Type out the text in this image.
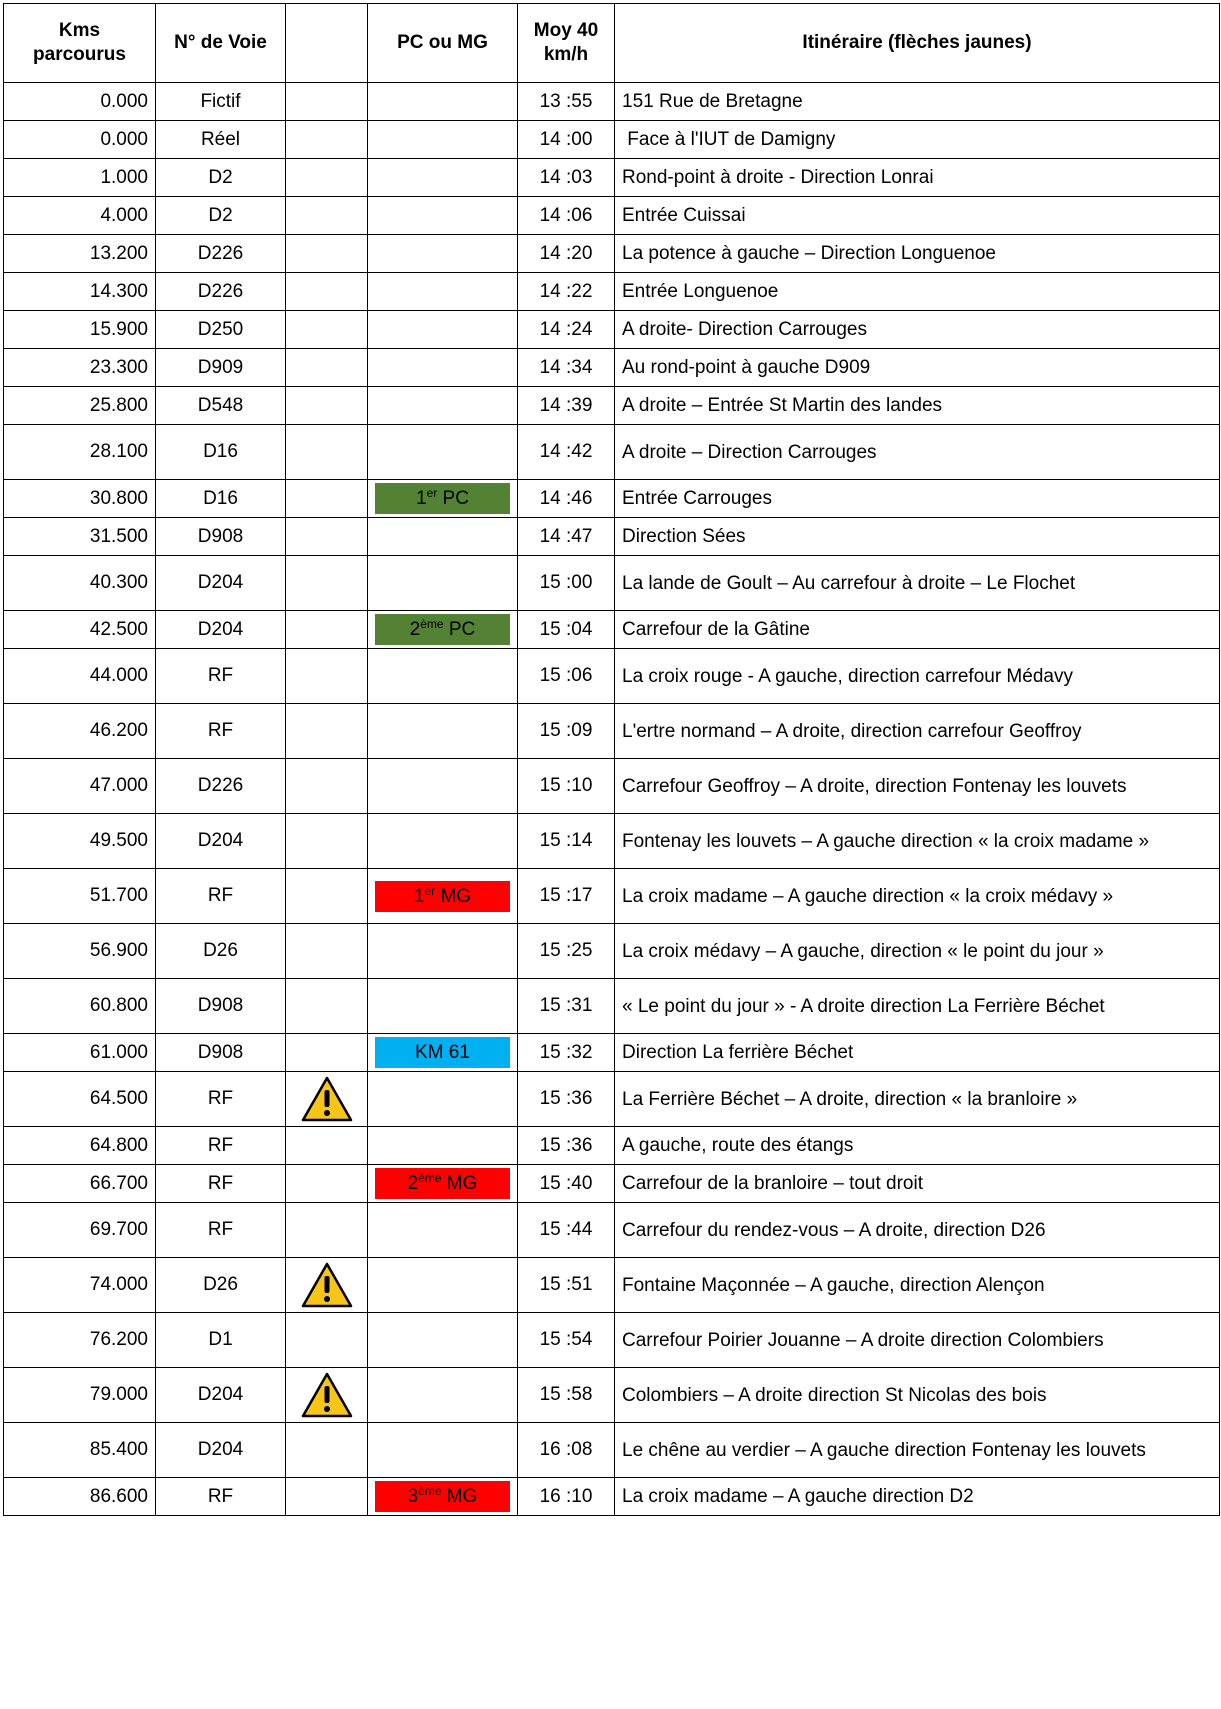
Kms parcourus	N° de Voie		PC ou MG	Moy 40 km/h	Itinéraire (flèches jaunes)
0.000	Fictif			13 :55	151 Rue de Bretagne
0.000	Réel			14 :00	Face à l'IUT de Damigny
1.000	D2			14 :03	Rond-point à droite - Direction Lonrai
4.000	D2			14 :06	Entrée Cuissai
13.200	D226			14 :20	La potence à gauche – Direction Longuenoe
14.300	D226			14 :22	Entrée Longuenoe
15.900	D250			14 :24	A droite- Direction Carrouges
23.300	D909			14 :34	Au rond-point à gauche D909
25.800	D548			14 :39	A droite – Entrée St Martin des landes
28.100	D16			14 :42	A droite – Direction Carrouges
30.800	D16		1er PC	14 :46	Entrée Carrouges
31.500	D908			14 :47	Direction Sées
40.300	D204			15 :00	La lande de Goult – Au carrefour à droite – Le Flochet
42.500	D204		2ème PC	15 :04	Carrefour de la Gâtine
44.000	RF			15 :06	La croix rouge - A gauche, direction carrefour Médavy
46.200	RF			15 :09	L'ertre normand – A droite, direction carrefour Geoffroy
47.000	D226			15 :10	Carrefour Geoffroy – A droite, direction Fontenay les louvets
49.500	D204			15 :14	Fontenay les louvets – A gauche direction « la croix madame »
51.700	RF		1er MG	15 :17	La croix madame – A gauche direction « la croix médavy »
56.900	D26			15 :25	La croix médavy – A gauche, direction « le point du jour »
60.800	D908			15 :31	« Le point du jour » - A droite direction La Ferrière Béchet
61.000	D908		KM 61	15 :32	Direction La ferrière Béchet
64.500	RF			15 :36	La Ferrière Béchet – A droite, direction « la branloire »
64.800	RF			15 :36	A gauche, route des étangs
66.700	RF		2ème MG	15 :40	Carrefour de la branloire – tout droit
69.700	RF			15 :44	Carrefour du rendez-vous – A droite, direction D26
74.000	D26			15 :51	Fontaine Maçonnée – A gauche, direction Alençon
76.200	D1			15 :54	Carrefour Poirier Jouanne – A droite direction Colombiers
79.000	D204			15 :58	Colombiers – A droite direction St Nicolas des bois
85.400	D204			16 :08	Le chêne au verdier – A gauche direction Fontenay les louvets
86.600	RF		3ème MG	16 :10	La croix madame – A gauche direction D2
